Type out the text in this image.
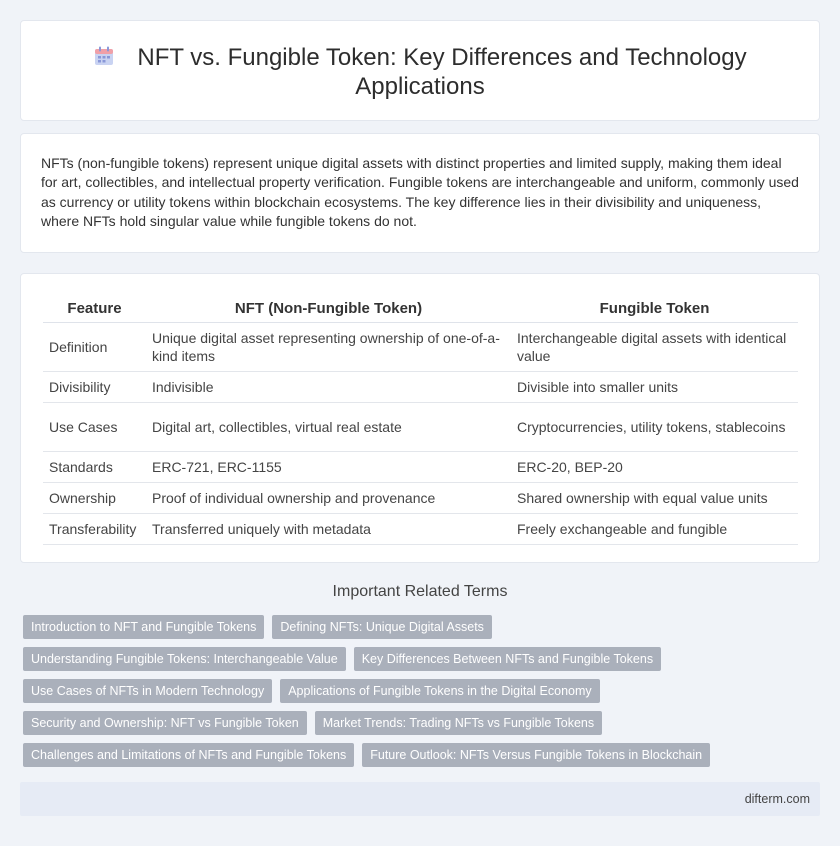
NFT vs. Fungible Token: Key Differences and Technology
Applications

NFTs (non-fungible tokens) represent unique digital assets with distinct properties and limited supply, making them ideal for art, collectibles, and intellectual property verification. Fungible tokens are interchangeable and uniform, commonly used as currency or utility tokens within blockchain ecosystems. The key difference lies in their divisibility and uniqueness, where NFTs hold singular value while fungible tokens do not.

Feature	NFT (Non-Fungible Token)	Fungible Token
Definition	Unique digital asset representing ownership of one-of-a-kind items	Interchangeable digital assets with identical value
Divisibility	Indivisible	Divisible into smaller units
Use Cases	Digital art, collectibles, virtual real estate	Cryptocurrencies, utility tokens, stablecoins
Standards	ERC-721, ERC-1155	ERC-20, BEP-20
Ownership	Proof of individual ownership and provenance	Shared ownership with equal value units
Transferability	Transferred uniquely with metadata	Freely exchangeable and fungible
Important Related Terms
Introduction to NFT and Fungible Tokens	Defining NFTs: Unique Digital Assets
Understanding Fungible Tokens: Interchangeable Value	Key Differences Between NFTs and Fungible Tokens
Use Cases of NFTs in Modern Technology	Applications of Fungible Tokens in the Digital Economy
Security and Ownership: NFT vs Fungible Token	Market Trends: Trading NFTs vs Fungible Tokens
Challenges and Limitations of NFTs and Fungible Tokens	Future Outlook: NFTs Versus Fungible Tokens in Blockchain
difterm.com
